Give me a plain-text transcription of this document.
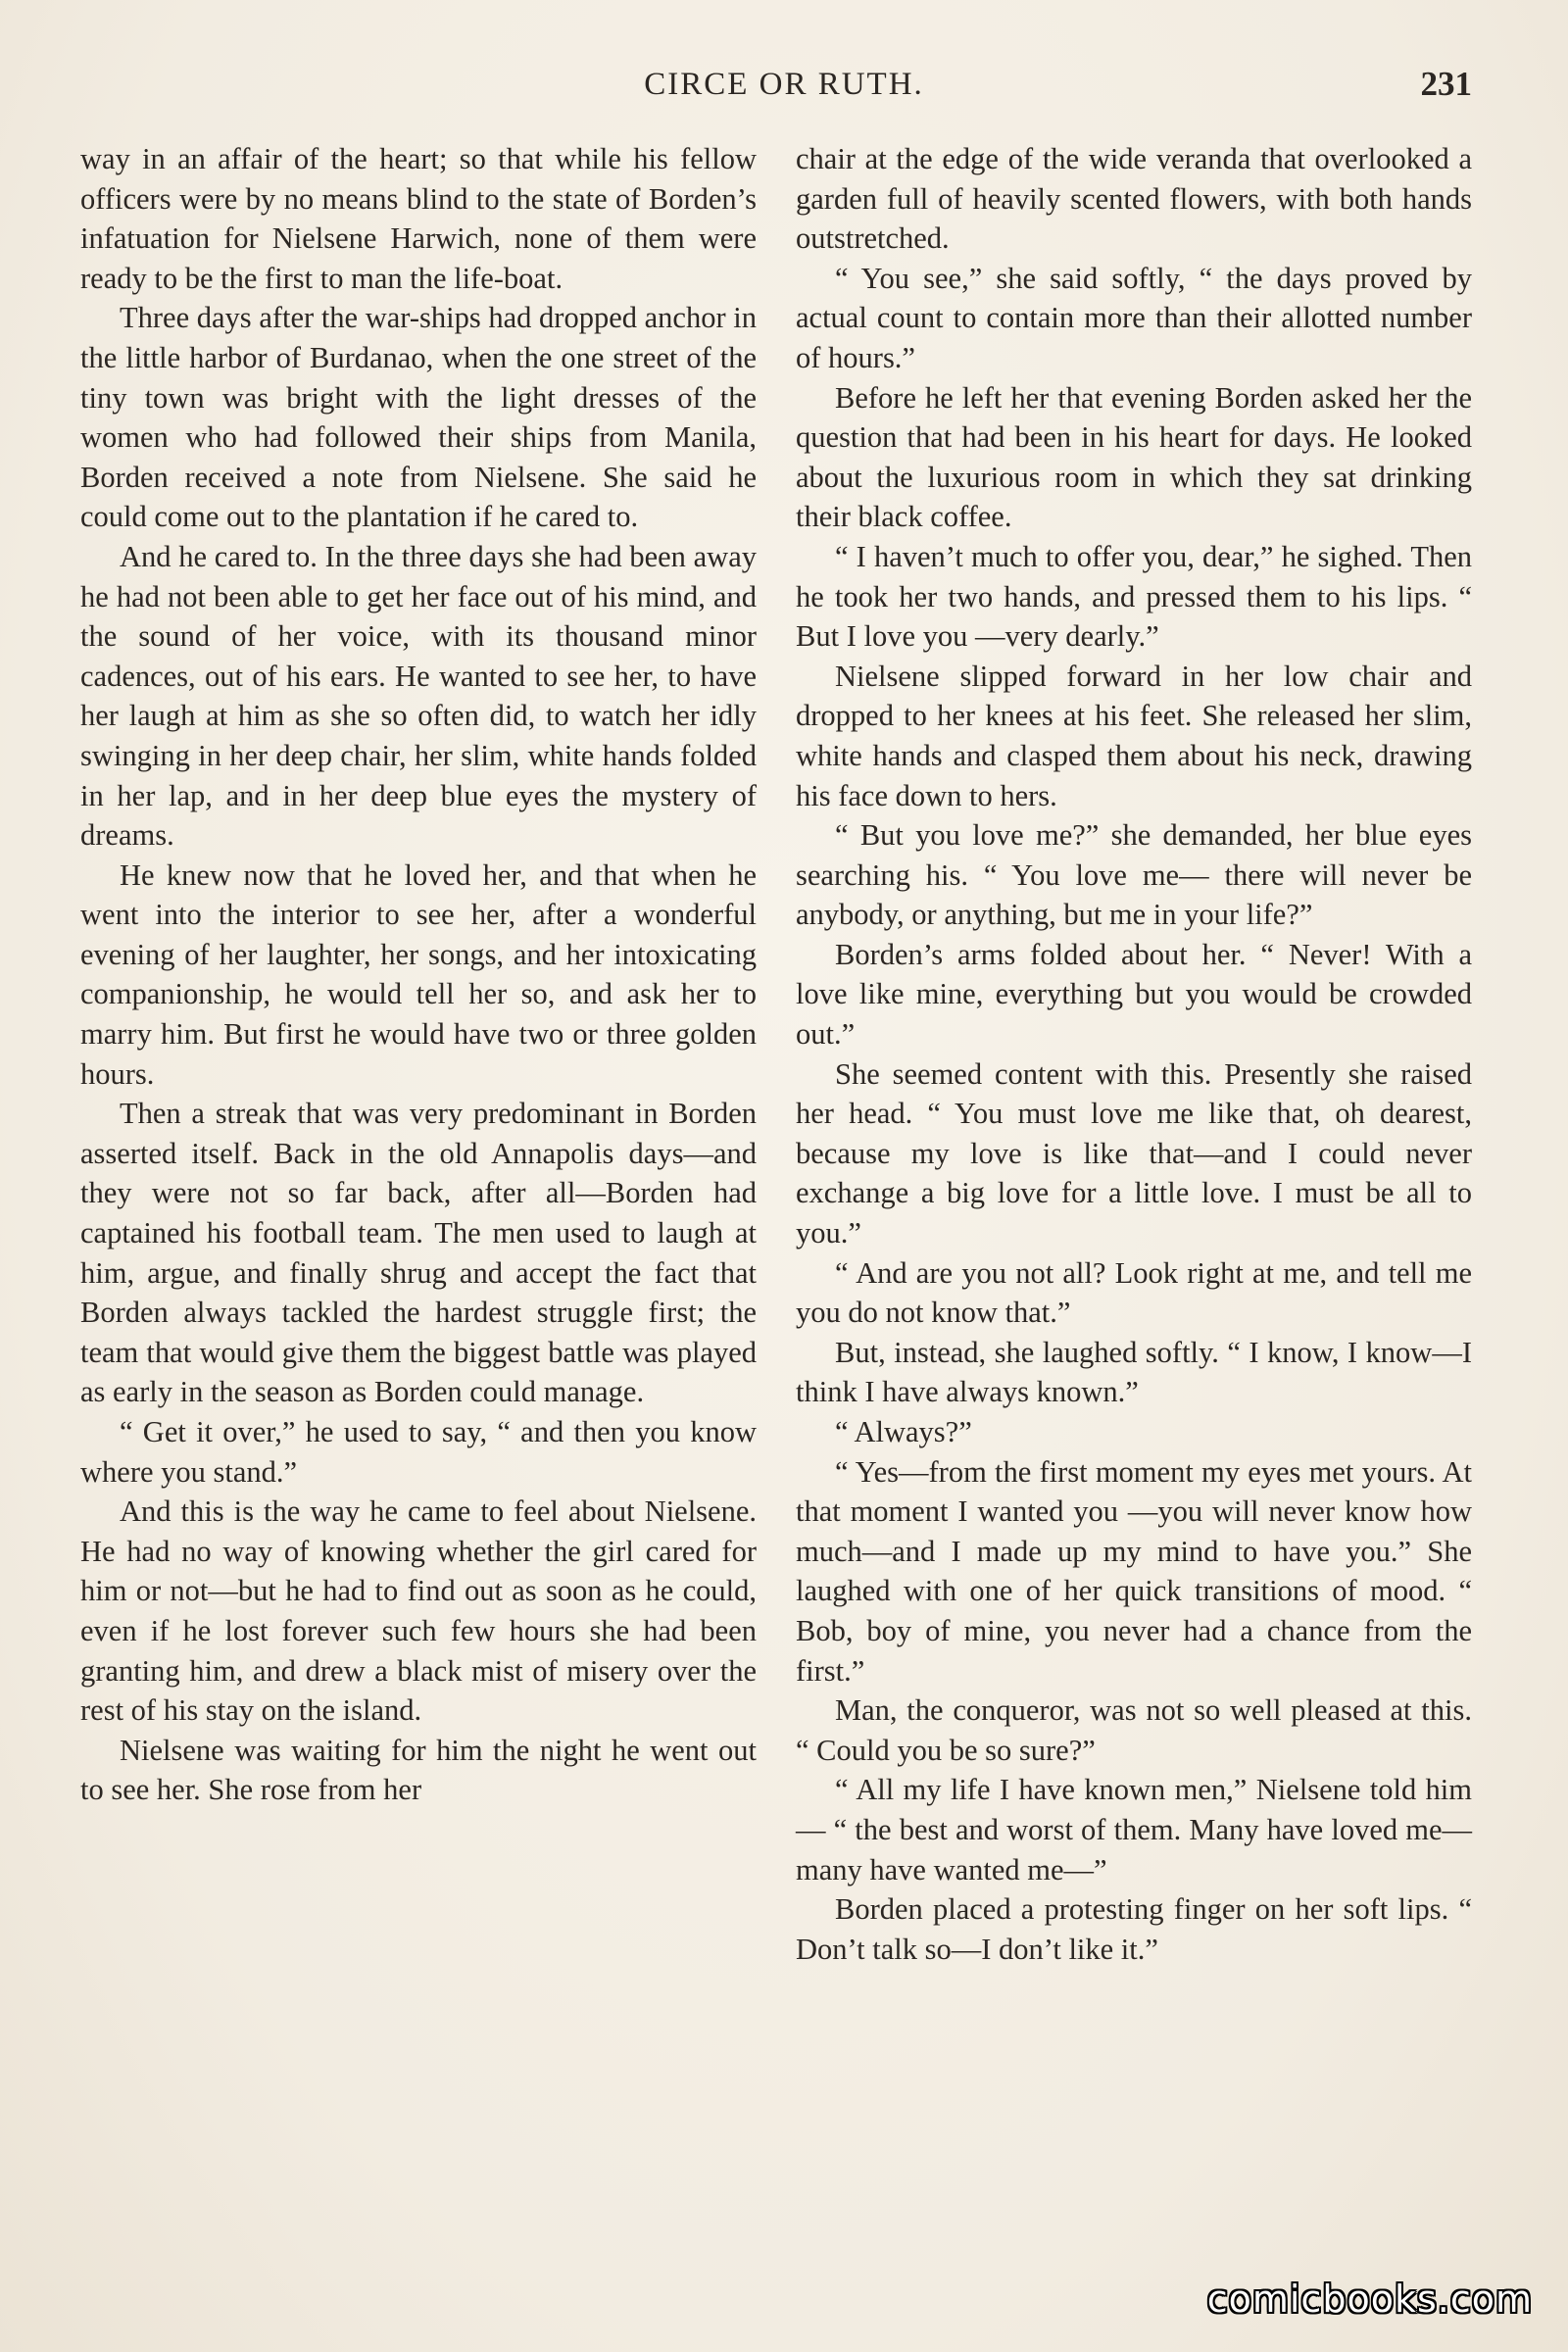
CIRCE OR RUTH.	231

way in an affair of the heart; so that while his fellow officers were by no means blind to the state of Borden’s infatuation for Nielsene Harwich, none of them were ready to be the first to man the life-boat.

Three days after the war-ships had dropped anchor in the little harbor of Burdanao, when the one street of the tiny town was bright with the light dresses of the women who had followed their ships from Manila, Borden received a note from Nielsene. She said he could come out to the plantation if he cared to.

And he cared to. In the three days she had been away he had not been able to get her face out of his mind, and the sound of her voice, with its thousand minor cadences, out of his ears. He wanted to see her, to have her laugh at him as she so often did, to watch her idly swinging in her deep chair, her slim, white hands folded in her lap, and in her deep blue eyes the mystery of dreams.

He knew now that he loved her, and that when he went into the interior to see her, after a wonderful evening of her laughter, her songs, and her intoxicating companionship, he would tell her so, and ask her to marry him. But first he would have two or three golden hours.

Then a streak that was very predominant in Borden asserted itself. Back in the old Annapolis days—and they were not so far back, after all—Borden had captained his football team. The men used to laugh at him, argue, and finally shrug and accept the fact that Borden always tackled the hardest struggle first; the team that would give them the biggest battle was played as early in the season as Borden could manage.

“ Get it over,” he used to say, “ and then you know where you stand.”

And this is the way he came to feel about Nielsene. He had no way of knowing whether the girl cared for him or not—but he had to find out as soon as he could, even if he lost forever such few hours she had been granting him, and drew a black mist of misery over the rest of his stay on the island.

Nielsene was waiting for him the night he went out to see her. She rose from her

chair at the edge of the wide veranda that overlooked a garden full of heavily scented flowers, with both hands outstretched.

“ You see,” she said softly, “ the days proved by actual count to contain more than their allotted number of hours.”

Before he left her that evening Borden asked her the question that had been in his heart for days. He looked about the luxurious room in which they sat drinking their black coffee.

“ I haven’t much to offer you, dear,” he sighed. Then he took her two hands, and pressed them to his lips. “ But I love you —very dearly.”

Nielsene slipped forward in her low chair and dropped to her knees at his feet. She released her slim, white hands and clasped them about his neck, drawing his face down to hers.

“ But you love me?” she demanded, her blue eyes searching his. “ You love me— there will never be anybody, or anything, but me in your life?”

Borden’s arms folded about her. “ Never! With a love like mine, everything but you would be crowded out.”

She seemed content with this. Presently she raised her head. “ You must love me like that, oh dearest, because my love is like that—and I could never exchange a big love for a little love. I must be all to you.”

“ And are you not all? Look right at me, and tell me you do not know that.”

But, instead, she laughed softly. “ I know, I know—I think I have always known.”

“ Always?”

“ Yes—from the first moment my eyes met yours. At that moment I wanted you —you will never know how much—and I made up my mind to have you.” She laughed with one of her quick transitions of mood. “ Bob, boy of mine, you never had a chance from the first.”

Man, the conqueror, was not so well pleased at this. “ Could you be so sure?”

“ All my life I have known men,” Nielsene told him — “ the best and worst of them. Many have loved me—many have wanted me—”

Borden placed a protesting finger on her soft lips. “ Don’t talk so—I don’t like it.”

comicbooks.com
